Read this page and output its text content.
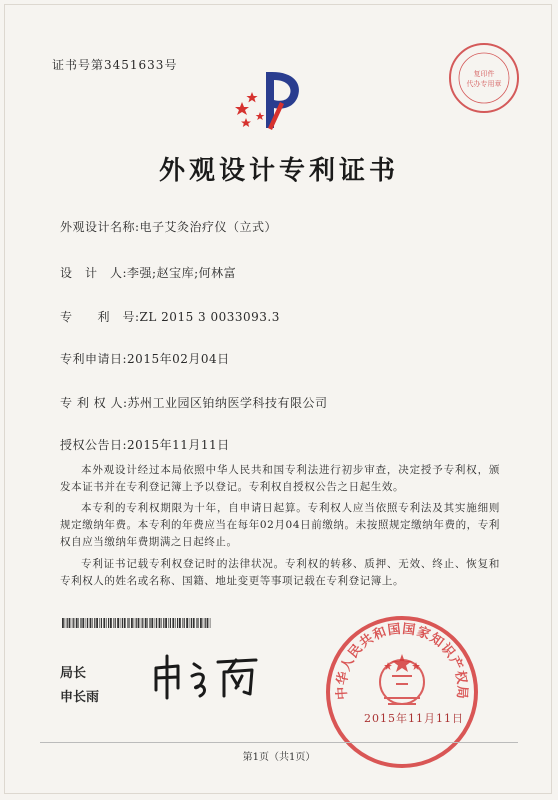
证书号第3451633号
复印件
代办专用章
外观设计专利证书
外观设计名称:电子艾灸治疗仪（立式）
设　计　人:李强;赵宝库;何林富
专　　利　号:ZL 2015 3 0033093.3
专利申请日:2015年02月04日
专 利 权 人:苏州工业园区铂纳医学科技有限公司
授权公告日:2015年11月11日
本外观设计经过本局依照中华人民共和国专利法进行初步审查，决定授予专利权，颁发本证书并在专利登记簿上予以登记。专利权自授权公告之日起生效。
本专利的专利权期限为十年，自申请日起算。专利权人应当依照专利法及其实施细则规定缴纳年费。本专利的年费应当在每年02月04日前缴纳。未按照规定缴纳年费的，专利权自应当缴纳年费期满之日起终止。
专利证书记载专利权登记时的法律状况。专利权的转移、质押、无效、终止、恢复和专利权人的姓名或名称、国籍、地址变更等事项记载在专利登记簿上。
局长
申长雨	中华人民共和国国家知识产权局
2015年11月11日
第1页（共1页）
